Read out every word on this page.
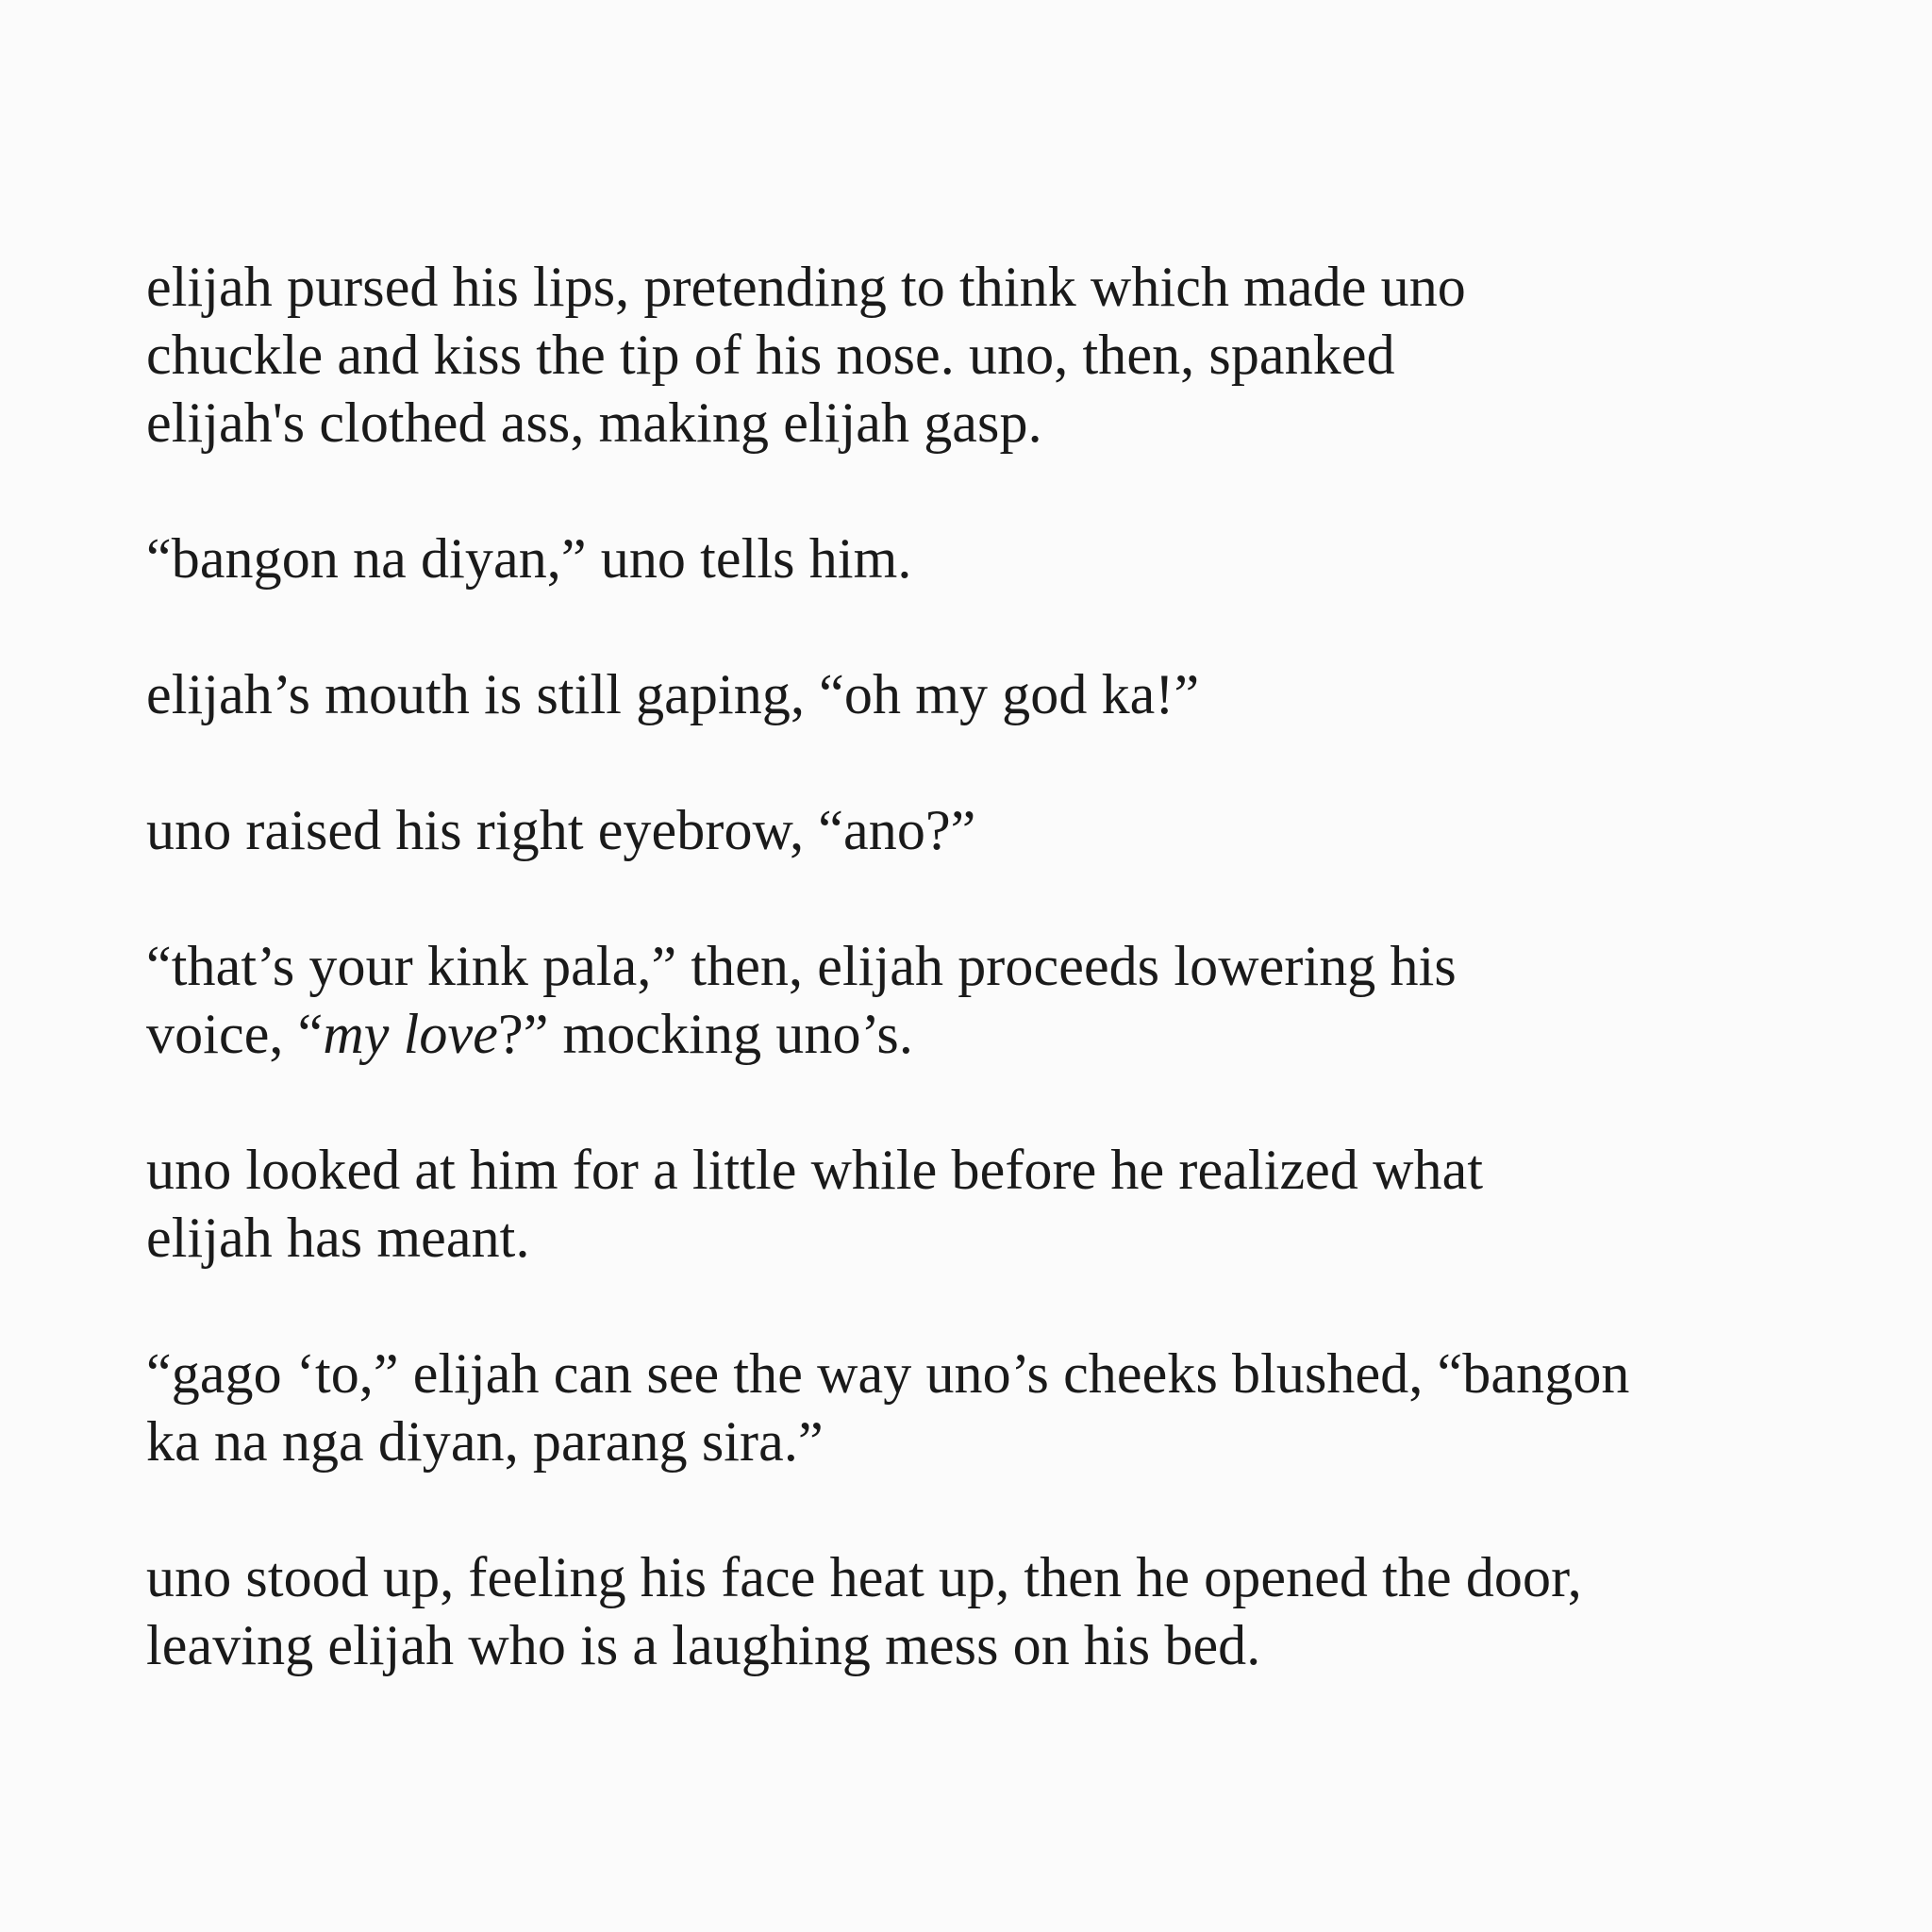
elijah pursed his lips, pretending to think which made uno
chuckle and kiss the tip of his nose. uno, then, spanked
elijah's clothed ass, making elijah gasp.

“bangon na diyan,” uno tells him.

elijah’s mouth is still gaping, “oh my god ka!”

uno raised his right eyebrow, “ano?”

“that’s your kink pala,” then, elijah proceeds lowering his
voice, “my love?” mocking uno’s.

uno looked at him for a little while before he realized what
elijah has meant.

“gago ‘to,” elijah can see the way uno’s cheeks blushed, “bangon
ka na nga diyan, parang sira.”

uno stood up, feeling his face heat up, then he opened the door,
leaving elijah who is a laughing mess on his bed.
